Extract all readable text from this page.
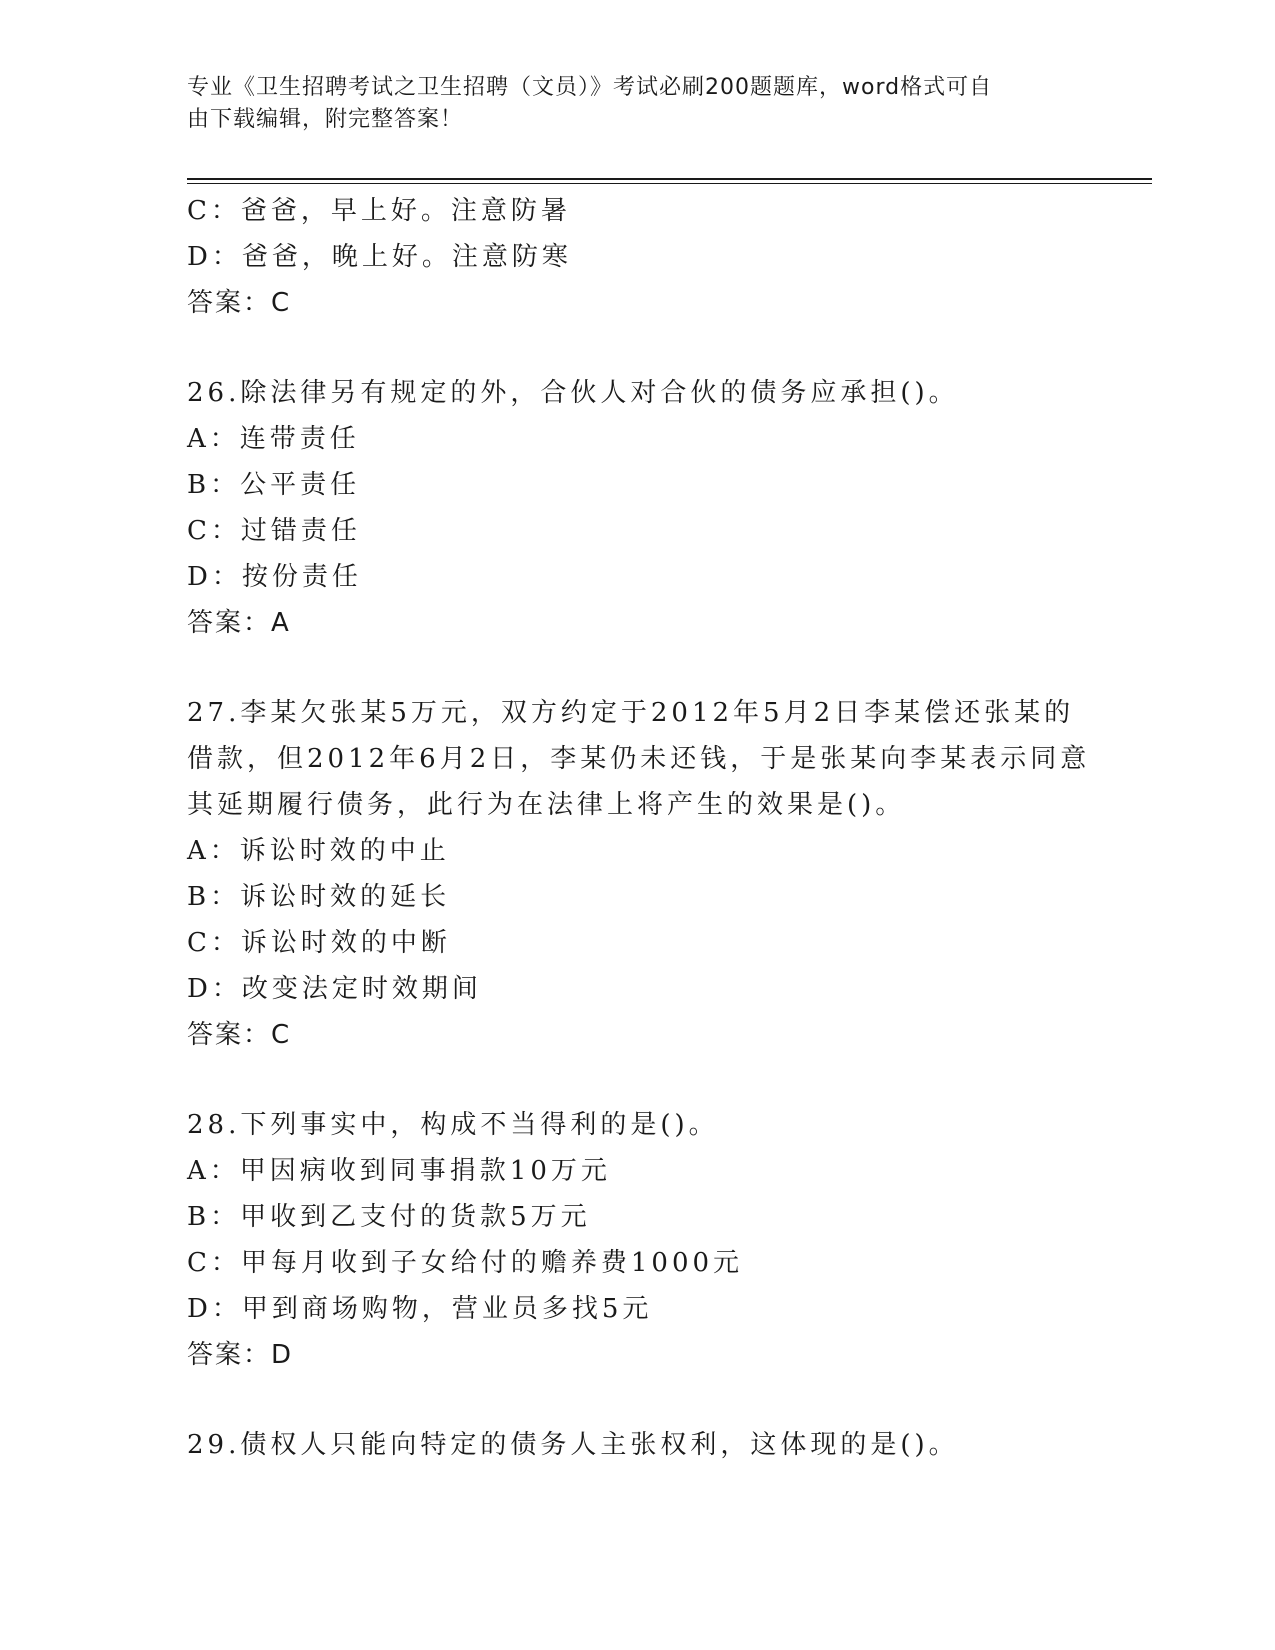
专业《卫生招聘考试之卫生招聘（文员）》考试必刷200题题库，word格式可自
由下载编辑，附完整答案！
C：爸爸，早上好。注意防暑
D：爸爸，晚上好。注意防寒
答案：C
26.除法律另有规定的外，合伙人对合伙的债务应承担()。
A：连带责任
B：公平责任
C：过错责任
D：按份责任
答案：A
27.李某欠张某5万元，双方约定于2012年5月2日李某偿还张某的
借款，但2012年6月2日，李某仍未还钱，于是张某向李某表示同意
其延期履行债务，此行为在法律上将产生的效果是()。
A：诉讼时效的中止
B：诉讼时效的延长
C：诉讼时效的中断
D：改变法定时效期间
答案：C
28.下列事实中，构成不当得利的是()。
A：甲因病收到同事捐款10万元
B：甲收到乙支付的货款5万元
C：甲每月收到子女给付的赡养费1000元
D：甲到商场购物，营业员多找5元
答案：D
29.债权人只能向特定的债务人主张权利，这体现的是()。
